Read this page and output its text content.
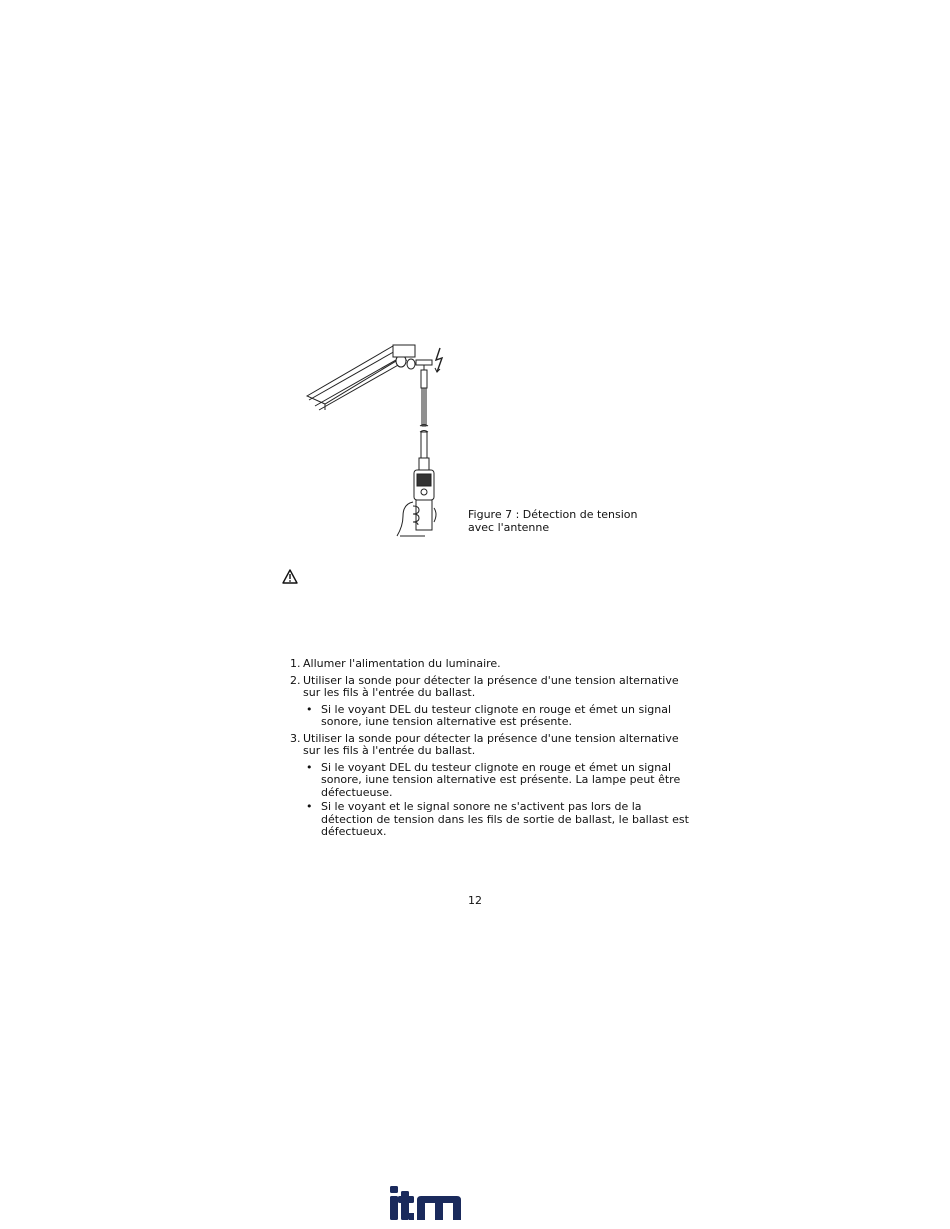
Figure 7 : Détection de tension
avec l'antenne
1. Allumer l'alimentation du luminaire.
2. Utiliser la sonde pour détecter la présence d'une tension alternative sur les fils à l'entrée du ballast.
• Si le voyant DEL du testeur clignote en rouge et émet un signal sonore, iune tension alternative est présente.
3. Utiliser la sonde pour détecter la présence d'une tension alternative sur les fils à l'entrée du ballast.
• Si le voyant DEL du testeur clignote en rouge et émet un signal sonore, iune tension alternative est présente. La lampe peut être défectueuse.
• Si le voyant et le signal sonore ne s'activent pas lors de la détection de tension dans les fils de sortie de ballast, le ballast est défectueux.
12
